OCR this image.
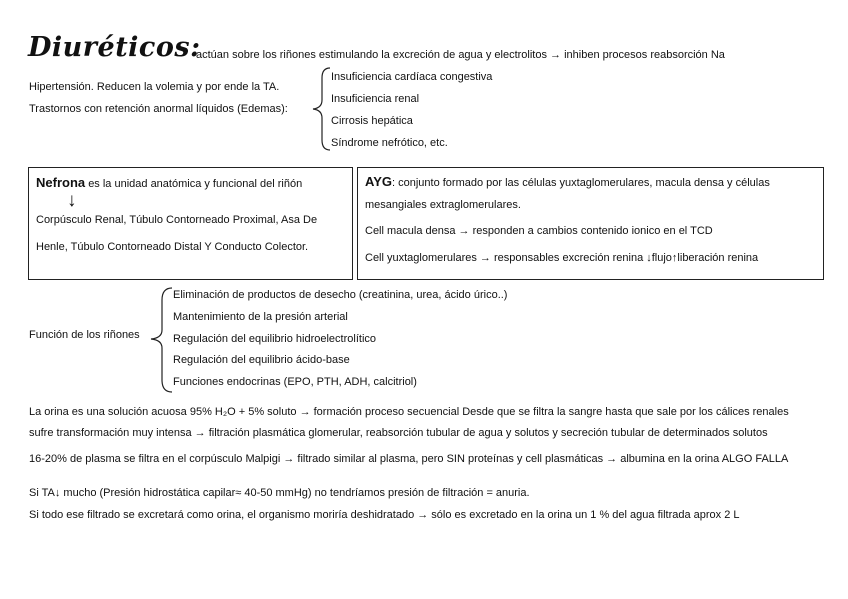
Diuréticos:
actúan sobre los riñones estimulando la excreción de agua y electrolitos → inhiben procesos reabsorción Na
Hipertensión. Reducen la volemia y por ende la TA.
Trastornos con retención anormal líquidos (Edemas):
Insuficiencia cardíaca congestiva
Insuficiencia renal
Cirrosis hepática
Síndrome nefrótico, etc.
Nefrona es la unidad anatómica y funcional del riñón
↓
Corpúsculo Renal, Túbulo Contorneado Proximal, Asa De
Henle, Túbulo Contorneado Distal Y Conducto Colector.
AYG: conjunto formado por las células yuxtaglomerulares, macula densa y células
mesangiales extraglomerulares.
Cell macula densa → responden a cambios contenido ionico en el TCD
Cell yuxtaglomerulares → responsables excreción renina ↓flujo↑liberación renina
Función de los riñones
Eliminación de productos de desecho (creatinina, urea, ácido úrico..)
Mantenimiento de la presión arterial
Regulación del equilibrio hidroelectrolítico
Regulación del equilibrio ácido-base
Funciones endocrinas (EPO, PTH, ADH, calcitriol)
La orina es una solución acuosa 95% H₂O + 5% soluto → formación proceso secuencial Desde que se filtra la sangre hasta que sale por los cálices renales
sufre transformación muy intensa → filtración plasmática glomerular, reabsorción tubular de agua y solutos y secreción tubular de determinados solutos
16-20% de plasma se filtra en el corpúsculo Malpigi → filtrado similar al plasma, pero SIN proteínas y cell plasmáticas → albumina en la orina ALGO FALLA
Si TA↓ mucho (Presión hidrostática capilar≈ 40-50 mmHg) no tendríamos presión de filtración = anuria.
Si todo ese filtrado se excretará como orina, el organismo moriría deshidratado → sólo es excretado en la orina un 1 % del agua filtrada aprox 2 L
